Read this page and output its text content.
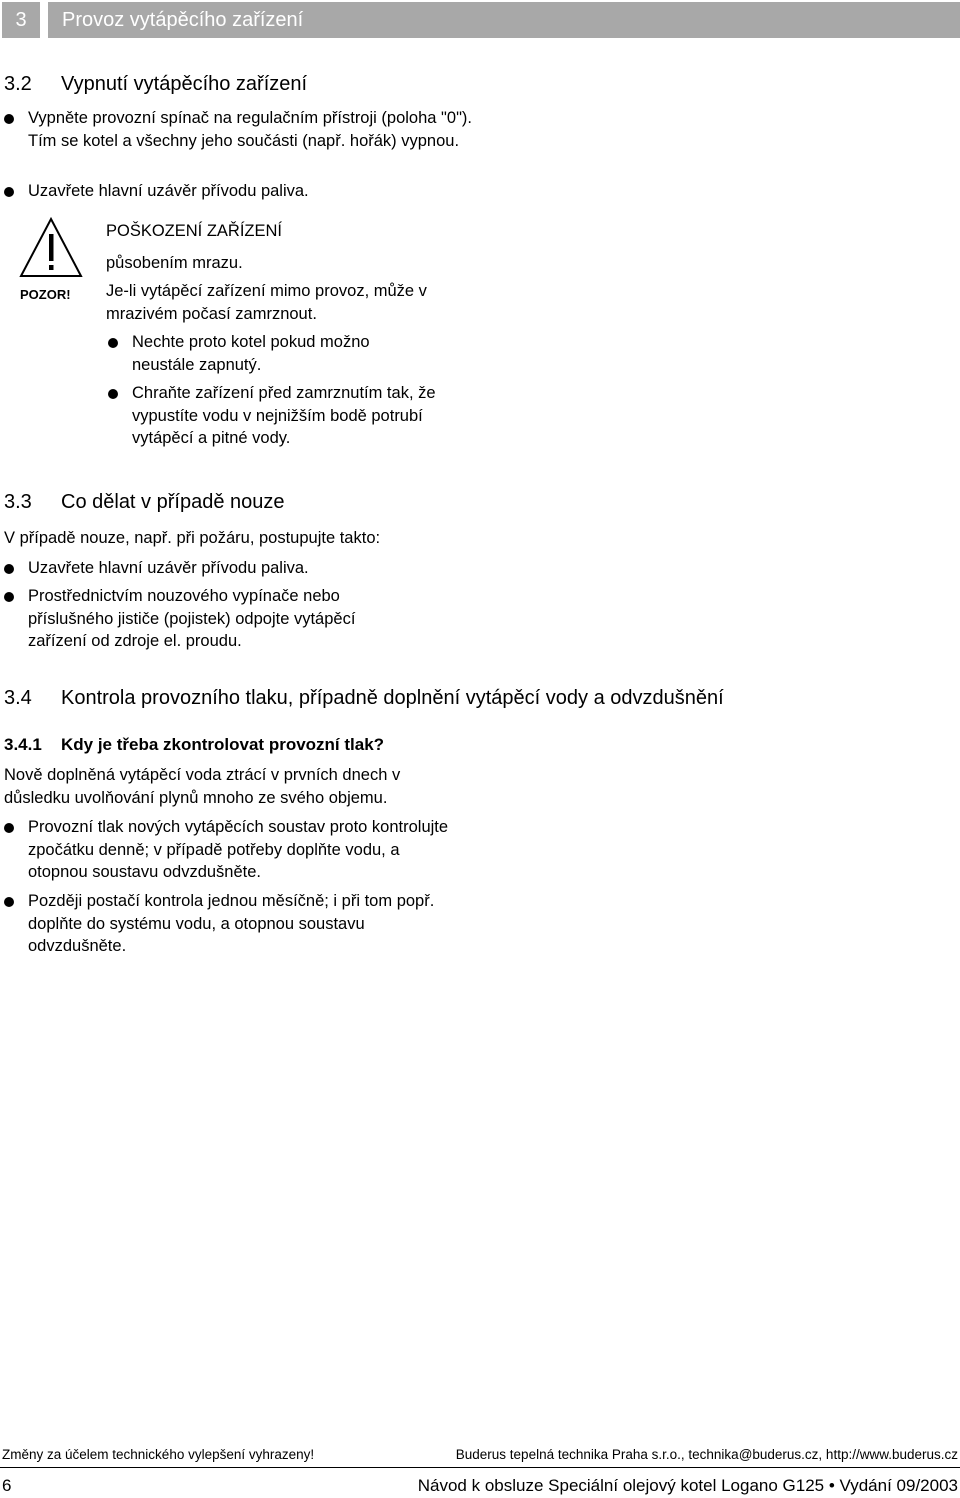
3	Provoz vytápěcího zařízení
3.2 Vypnutí vytápěcího zařízení
Vypněte provozní spínač na regulačním přístroji (poloha "0"). Tím se kotel a všechny jeho součásti (např. hořák) vypnou.
Uzavřete hlavní uzávěr přívodu paliva.
POZOR!
POŠKOZENÍ ZAŘÍZENÍ
působením mrazu.
Je-li vytápěcí zařízení mimo provoz, může v mrazivém počasí zamrznout.
Nechte proto kotel pokud možno neustále zapnutý.
Chraňte zařízení před zamrznutím tak, že vypustíte vodu v nejnižším bodě potrubí vytápěcí a pitné vody.
3.3 Co dělat v případě nouze
V případě nouze, např. při požáru, postupujte takto:
Uzavřete hlavní uzávěr přívodu paliva.
Prostřednictvím nouzového vypínače nebo příslušného jističe (pojistek) odpojte vytápěcí zařízení od zdroje el. proudu.
3.4 Kontrola provozního tlaku, případně doplnění vytápěcí vody a odvzdušnění
3.4.1 Kdy je třeba zkontrolovat provozní tlak?
Nově doplněná vytápěcí voda ztrácí v prvních dnech v důsledku uvolňování plynů mnoho ze svého objemu.
Provozní tlak nových vytápěcích soustav proto kontrolujte zpočátku denně; v případě potřeby doplňte vodu, a otopnou soustavu odvzdušněte.
Později postačí kontrola jednou měsíčně; i při tom popř. doplňte do systému vodu, a otopnou soustavu odvzdušněte.
Změny za účelem technického vylepšení vyhrazeny!	Buderus tepelná technika Praha s.r.o., technika@buderus.cz, http://www.buderus.cz
6	Návod k obsluze Speciální olejový kotel Logano G125 • Vydání 09/2003
